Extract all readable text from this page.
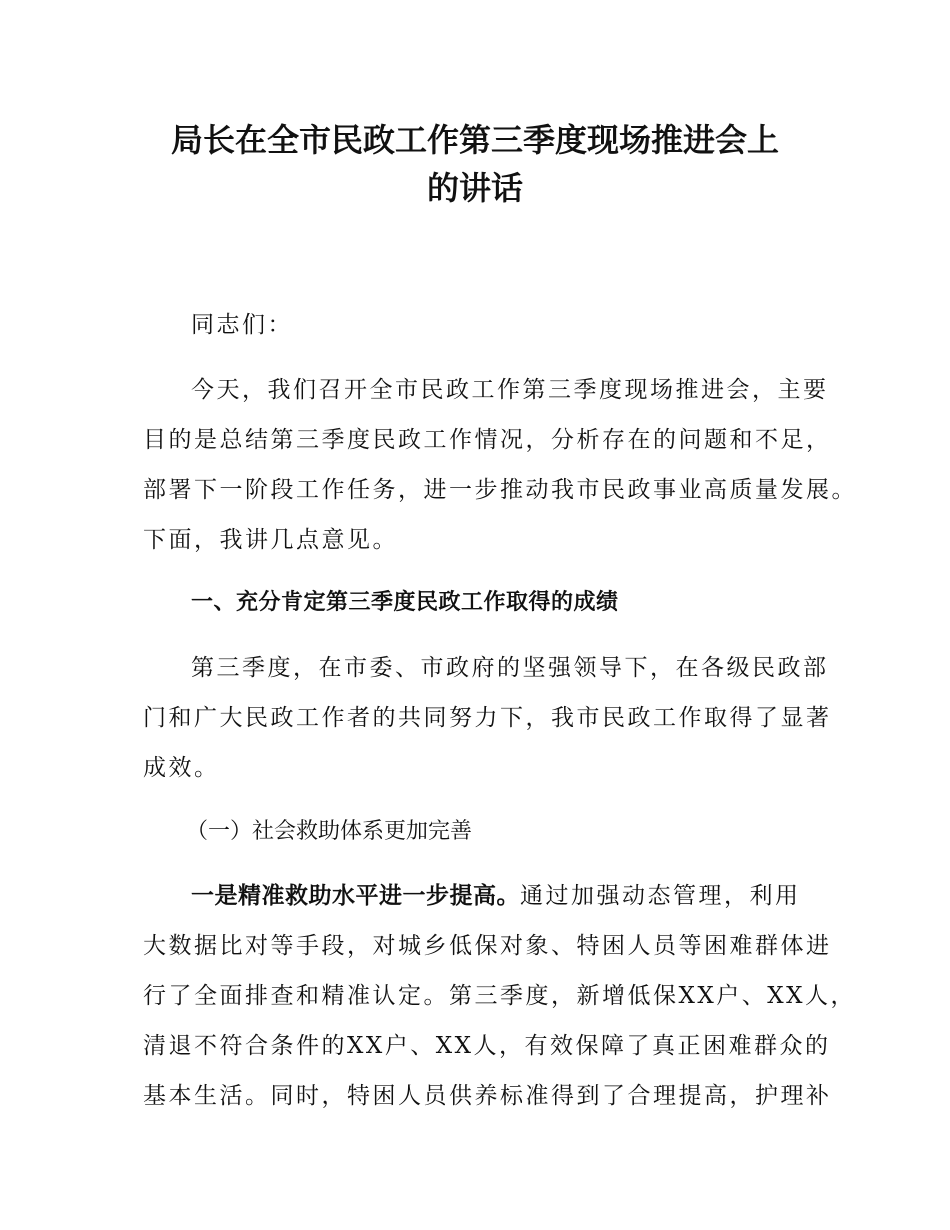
局长在全市民政工作第三季度现场推进会上
的讲话

同志们：

今天，我们召开全市民政工作第三季度现场推进会，主要
目的是总结第三季度民政工作情况，分析存在的问题和不足，
部署下一阶段工作任务，进一步推动我市民政事业高质量发展。
下面，我讲几点意见。

一、充分肯定第三季度民政工作取得的成绩

第三季度，在市委、市政府的坚强领导下，在各级民政部
门和广大民政工作者的共同努力下，我市民政工作取得了显著
成效。

（一）社会救助体系更加完善

一是精准救助水平进一步提高。通过加强动态管理，利用
大数据比对等手段，对城乡低保对象、特困人员等困难群体进
行了全面排查和精准认定。第三季度，新增低保XX户、XX人，
清退不符合条件的XX户、XX人，有效保障了真正困难群众的
基本生活。同时，特困人员供养标准得到了合理提高，护理补
